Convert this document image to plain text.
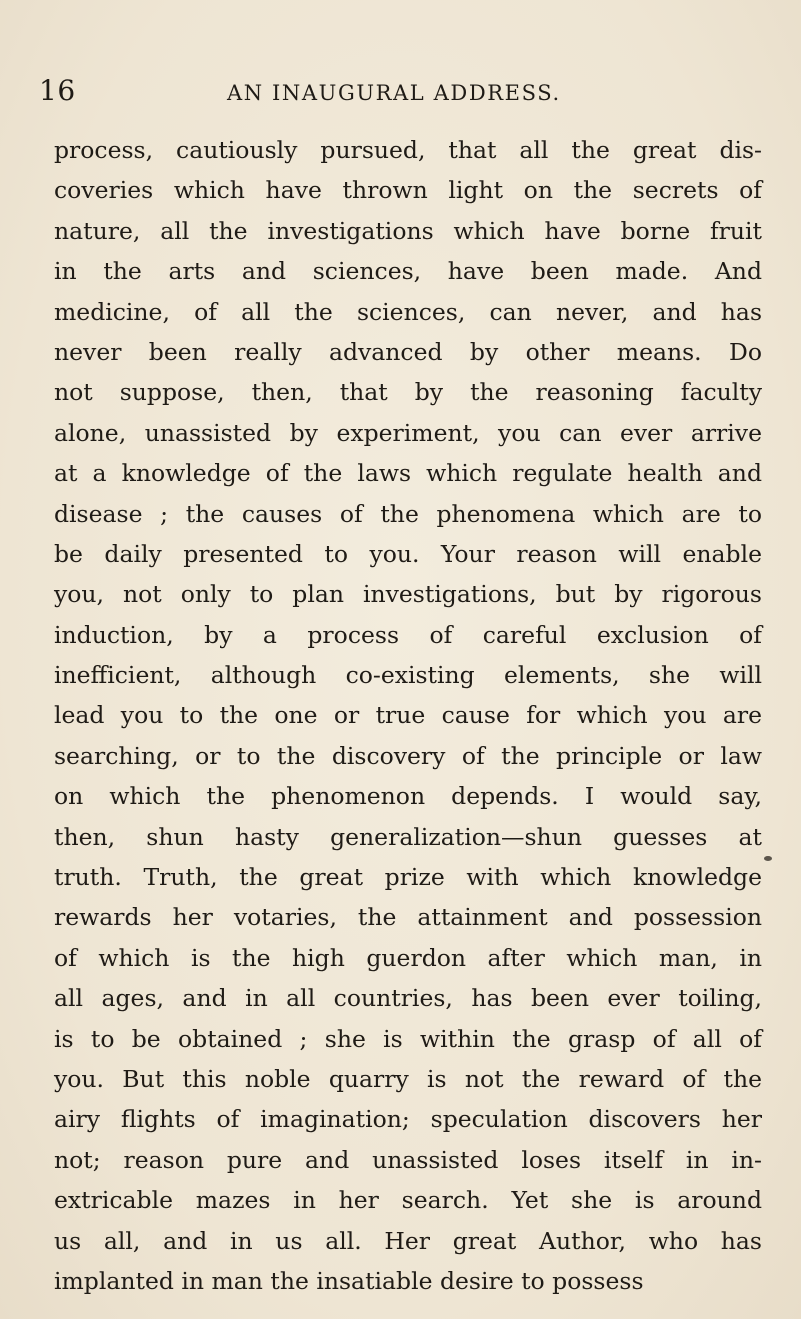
16	AN INAUGURAL ADDRESS.
process, cautiously pursued, that all the great dis-
coveries which have thrown light on the secrets of
nature, all the investigations which have borne fruit
in the arts and sciences, have been made. And
medicine, of all the sciences, can never, and has
never been really advanced by other means. Do
not suppose, then, that by the reasoning faculty
alone, unassisted by experiment, you can ever arrive
at a knowledge of the laws which regulate health and
disease ; the causes of the phenomena which are to
be daily presented to you. Your reason will enable
you, not only to plan investigations, but by rigorous
induction, by a process of careful exclusion of
inefficient, although co-existing elements, she will
lead you to the one or true cause for which you are
searching, or to the discovery of the principle or law
on which the phenomenon depends. I would say,
then, shun hasty generalization—shun guesses at
truth. Truth, the great prize with which knowledge
rewards her votaries, the attainment and possession
of which is the high guerdon after which man, in
all ages, and in all countries, has been ever toiling,
is to be obtained ; she is within the grasp of all of
you. But this noble quarry is not the reward of the
airy flights of imagination; speculation discovers her
not; reason pure and unassisted loses itself in in-
extricable mazes in her search. Yet she is around
us all, and in us all. Her great Author, who has
implanted in man the insatiable desire to possess
